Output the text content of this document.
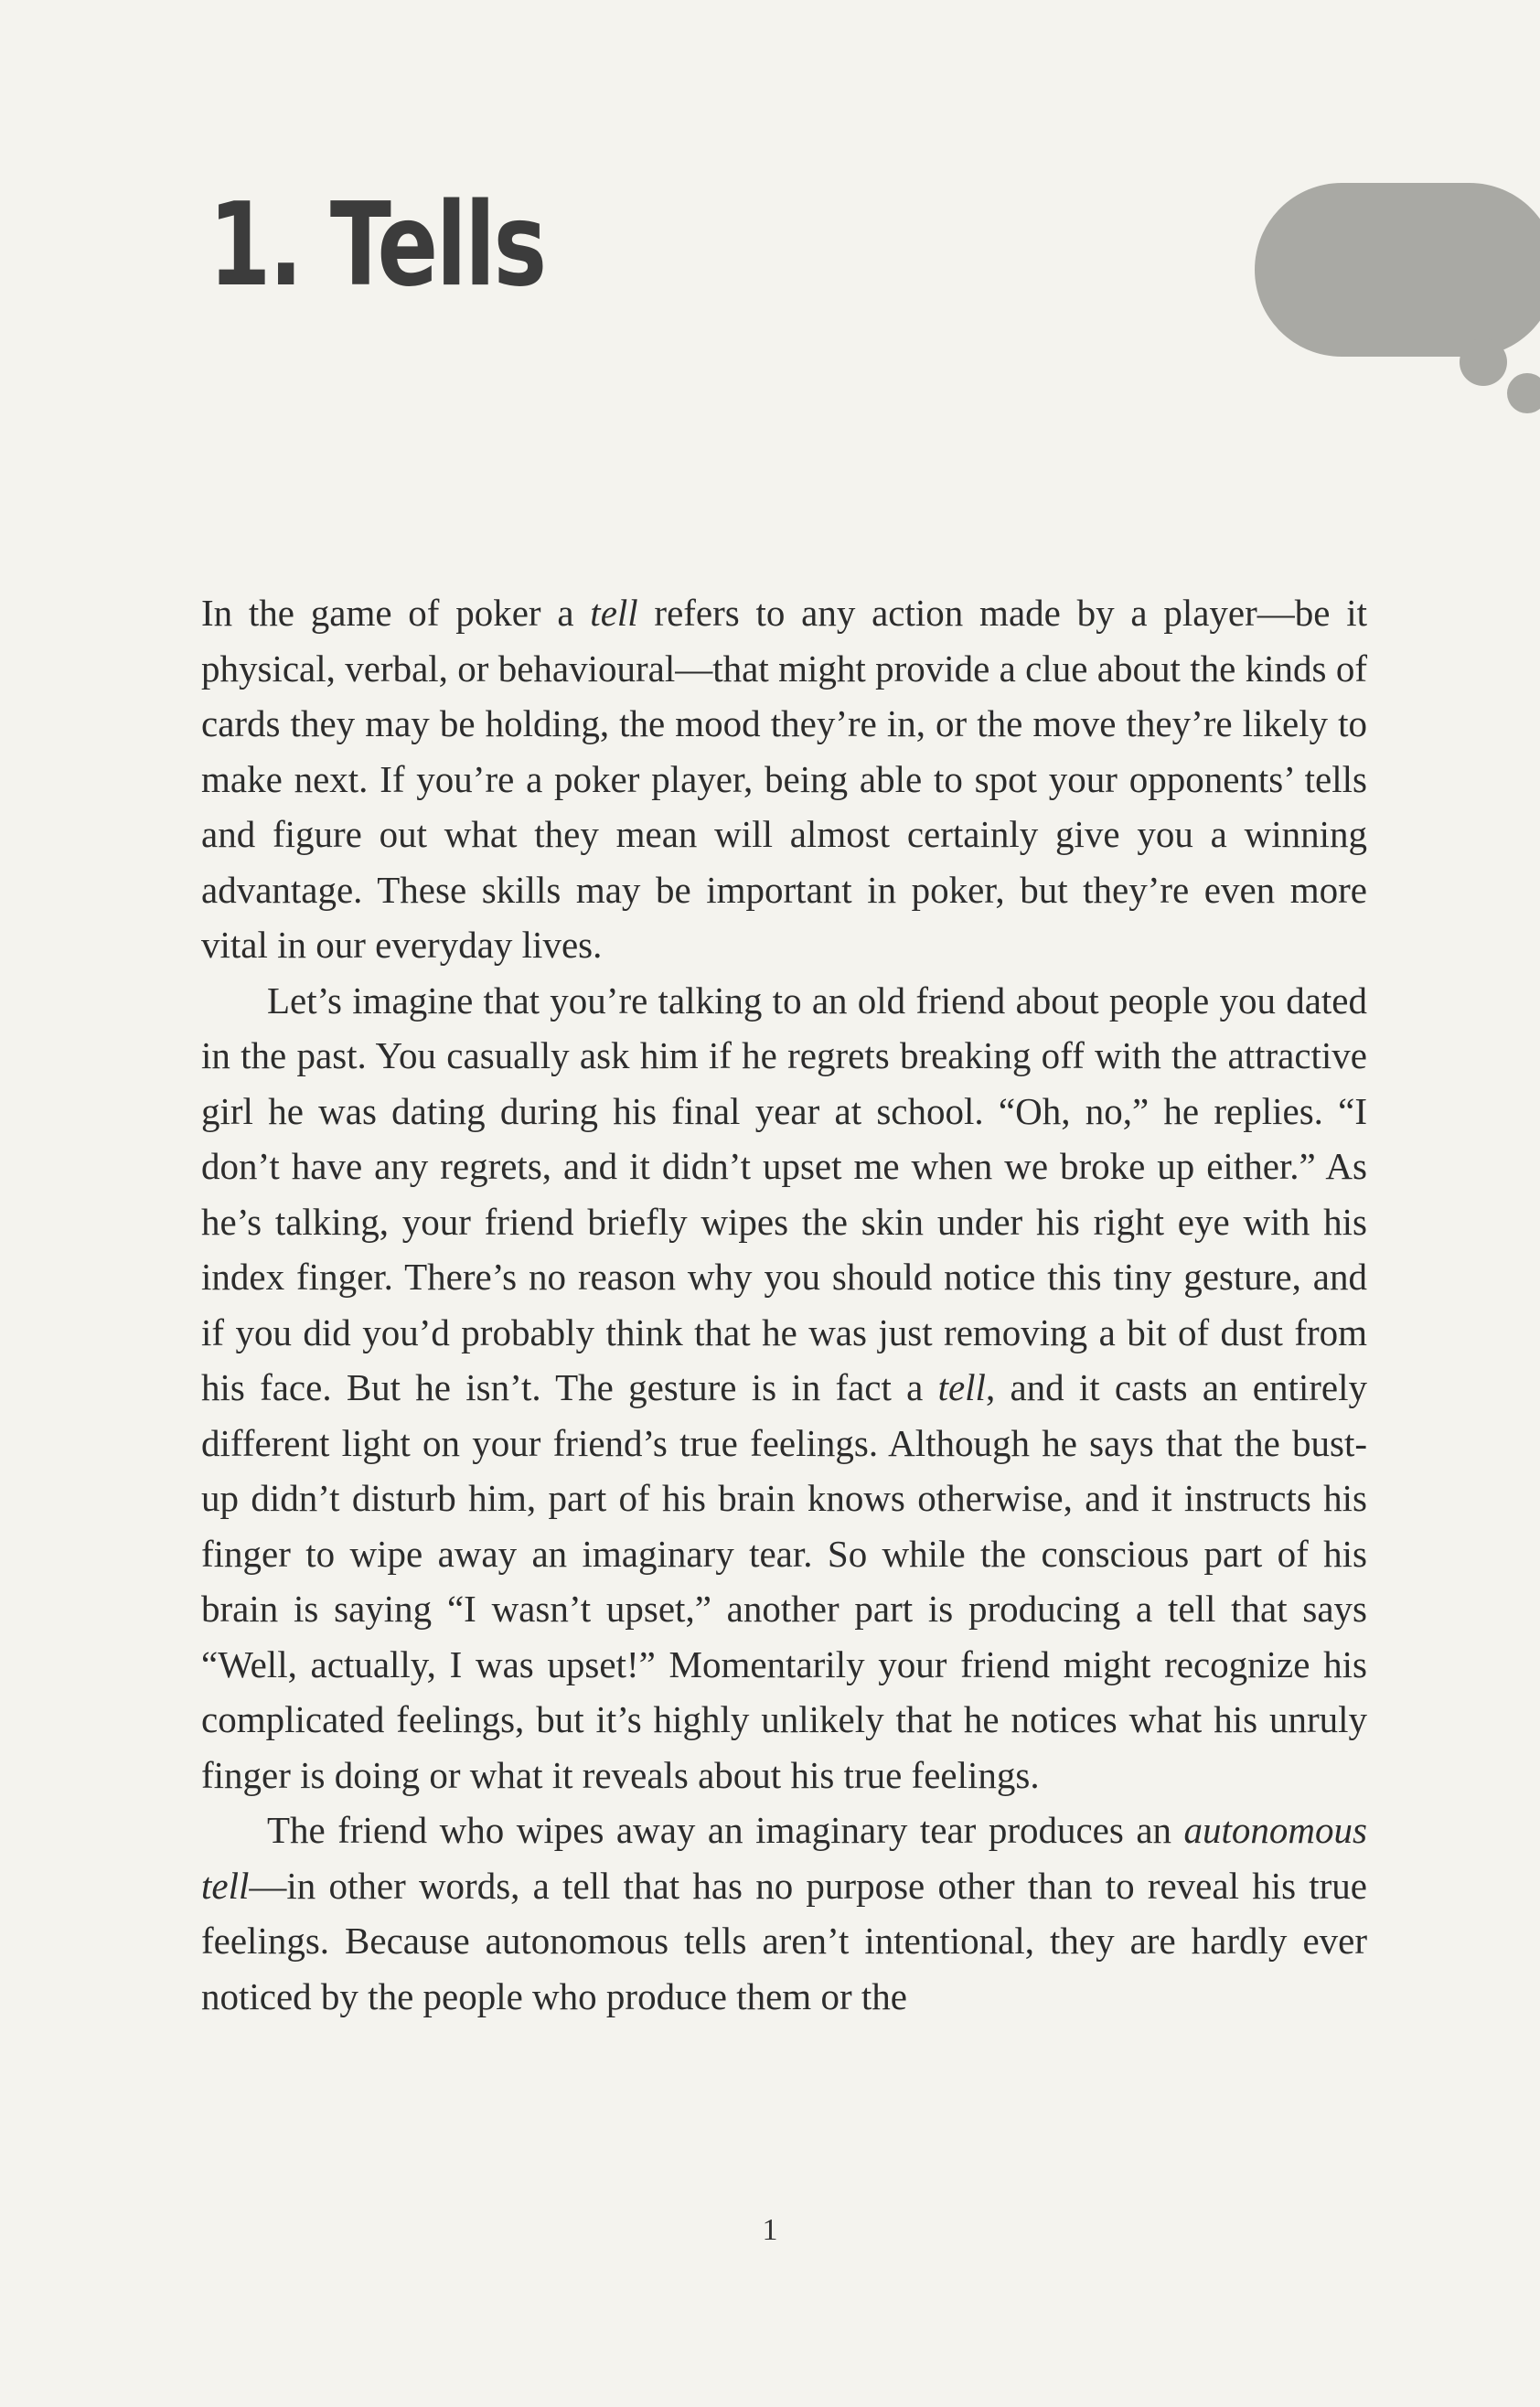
1. Tells

In the game of poker a tell refers to any action made by a player—be it physical, verbal, or behavioural—that might provide a clue about the kinds of cards they may be holding, the mood they’re in, or the move they’re likely to make next. If you’re a poker player, being able to spot your opponents’ tells and figure out what they mean will almost certainly give you a winning advantage. These skills may be important in poker, but they’re even more vital in our everyday lives.

Let’s imagine that you’re talking to an old friend about people you dated in the past. You casually ask him if he regrets breaking off with the attractive girl he was dating during his final year at school. “Oh, no,” he replies. “I don’t have any regrets, and it didn’t upset me when we broke up either.” As he’s talking, your friend briefly wipes the skin under his right eye with his index finger. There’s no reason why you should notice this tiny gesture, and if you did you’d probably think that he was just removing a bit of dust from his face. But he isn’t. The gesture is in fact a tell, and it casts an entirely different light on your friend’s true feelings. Although he says that the bust-up didn’t disturb him, part of his brain knows otherwise, and it instructs his finger to wipe away an imaginary tear. So while the conscious part of his brain is saying “I wasn’t upset,” another part is producing a tell that says “Well, actually, I was upset!” Momentarily your friend might recognize his complicated feelings, but it’s highly unlikely that he notices what his unruly finger is doing or what it reveals about his true feelings.

The friend who wipes away an imaginary tear produces an autonomous tell—in other words, a tell that has no purpose other than to reveal his true feelings. Because autonomous tells aren’t intentional, they are hardly ever noticed by the people who produce them or the

1
